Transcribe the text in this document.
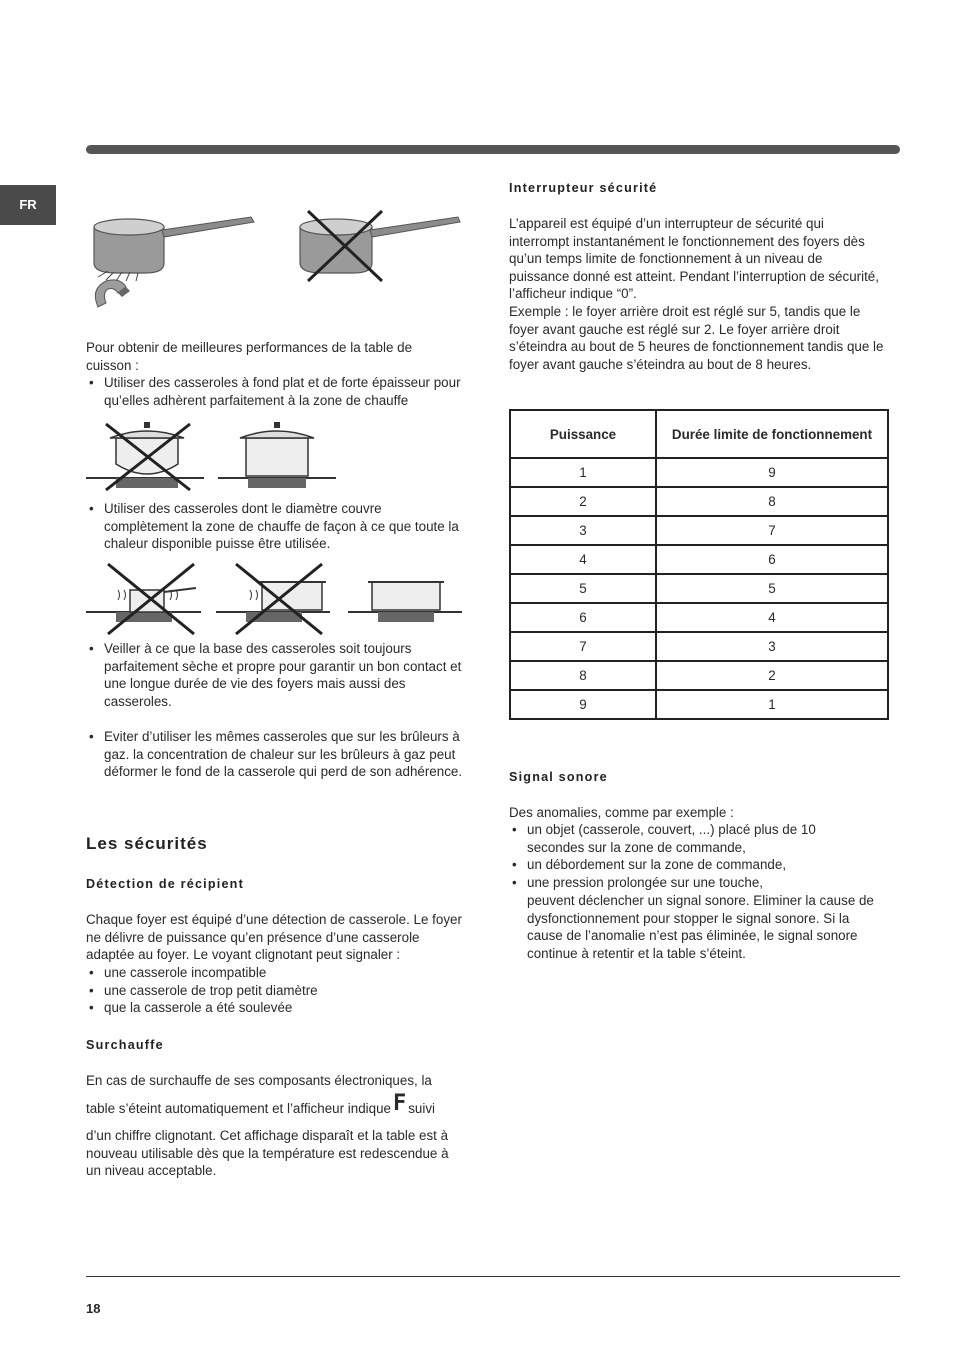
FR

Pour obtenir de meilleures performances de la table de cuisson :

• Utiliser des casseroles à fond plat et de forte épaisseur pour qu’elles adhèrent parfaitement à la zone de chauffe
• Utiliser des casseroles dont le diamètre couvre complètement la zone de chauffe de façon à ce que toute la chaleur disponible puisse être utilisée.
• Veiller à ce que la base des casseroles soit toujours parfaitement sèche et propre pour garantir un bon contact et une longue durée de vie des foyers mais aussi des casseroles.
• Eviter d’utiliser les mêmes casseroles que sur les brûleurs à gaz. la concentration de chaleur sur les brûleurs à gaz peut déformer le fond de la casserole qui perd de son adhérence.
Les sécurités
Détection de récipient

Chaque foyer est équipé d’une détection de casserole. Le foyer ne délivre de puissance qu’en présence d’une casserole adaptée au foyer. Le voyant clignotant peut signaler :

• une casserole incompatible
• une casserole de trop petit diamètre
• que la casserole a été soulevée
Surchauffe

En cas de surchauffe de ses composants électroniques, la

table s’éteint automatiquement et l’afficheur indiqueF suivi

d’un chiffre clignotant. Cet affichage disparaît et la table est à nouveau utilisable dès que la température est redescendue à un niveau acceptable.

Interrupteur sécurité

L’appareil est équipé d’un interrupteur de sécurité qui interrompt instantanément le fonctionnement des foyers dès qu’un temps limite de fonctionnement à un niveau de puissance donné est atteint. Pendant l’interruption de sécurité, l’afficheur indique “0”.

Exemple : le foyer arrière droit est réglé sur 5, tandis que le foyer avant gauche est réglé sur 2. Le foyer arrière droit s’éteindra au bout de 5 heures de fonctionnement tandis que le foyer avant gauche s’éteindra au bout de 8 heures.

Puissance	Durée limite de fonctionnement
1	9
2	8
3	7
4	6
5	5
6	4
7	3
8	2
9	1
Signal sonore

Des anomalies, comme par exemple :

• un objet (casserole, couvert, ...) placé plus de 10 secondes sur la zone de commande,
• un débordement sur la zone de commande,
• une pression prolongée sur une touche,

peuvent déclencher un signal sonore. Eliminer la cause de dysfonctionnement pour stopper le signal sonore. Si la cause de l’anomalie n’est pas éliminée, le signal sonore continue à retentir et la table s’éteint.

18
